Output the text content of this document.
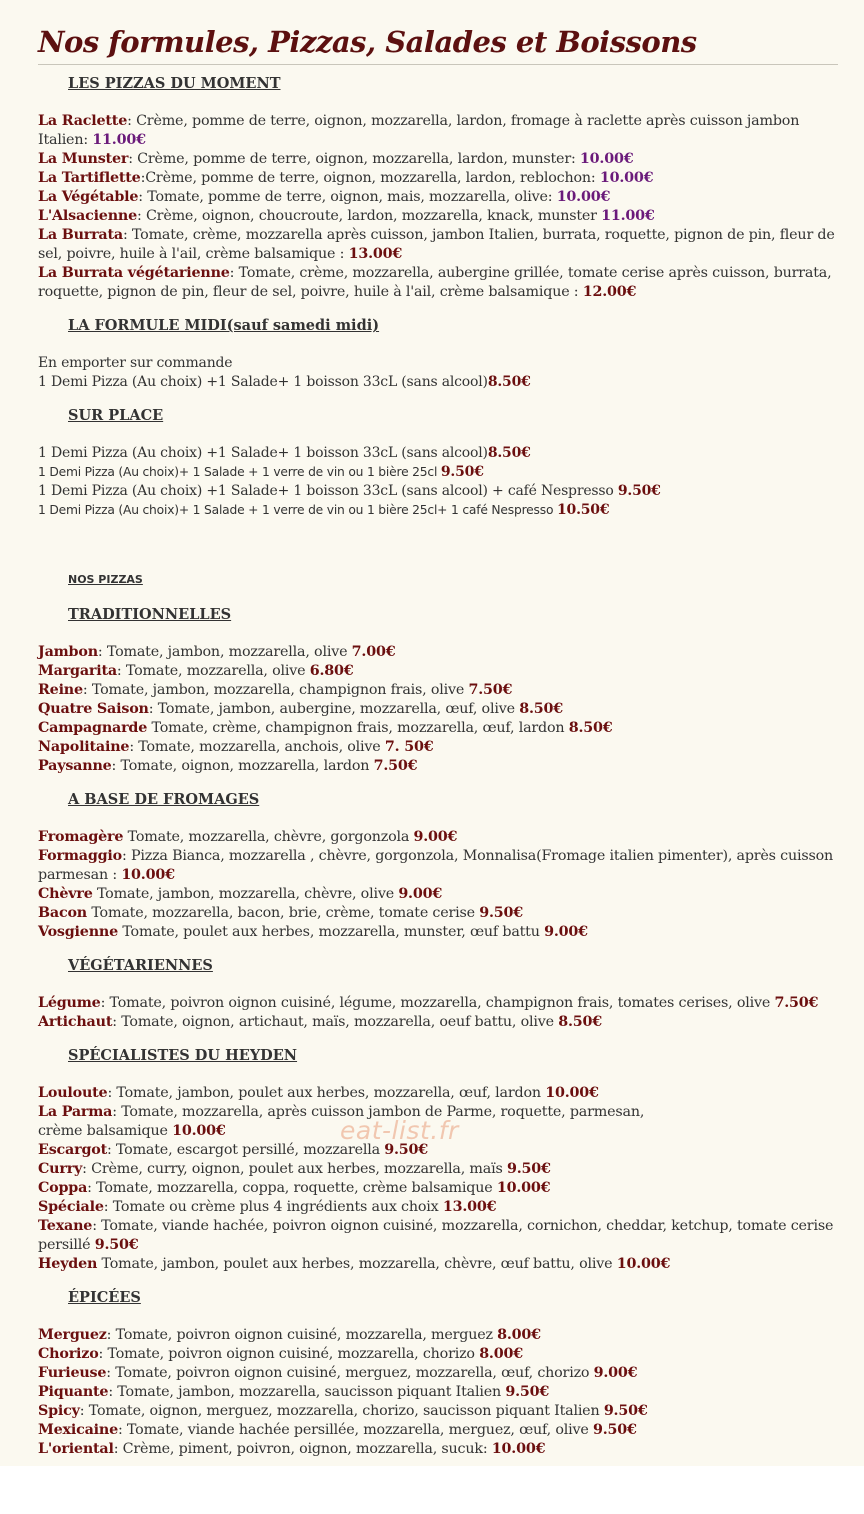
Nos formules, Pizzas, Salades et Boissons
LES PIZZAS DU MOMENT
La Raclette: Crème, pomme de terre, oignon, mozzarella, lardon, fromage à raclette après cuisson jambon Italien: 11.00€
La Munster: Crème, pomme de terre, oignon, mozzarella, lardon, munster: 10.00€
La Tartiflette:Crème, pomme de terre, oignon, mozzarella, lardon, reblochon: 10.00€
La Végétable: Tomate, pomme de terre, oignon, mais, mozzarella, olive: 10.00€
L'Alsacienne: Crème, oignon, choucroute, lardon, mozzarella, knack, munster 11.00€
La Burrata: Tomate, crème, mozzarella après cuisson, jambon Italien, burrata, roquette, pignon de pin, fleur de sel, poivre, huile à l'ail, crème balsamique : 13.00€
La Burrata végétarienne: Tomate, crème, mozzarella, aubergine grillée, tomate cerise après cuisson, burrata, roquette, pignon de pin, fleur de sel, poivre, huile à l'ail, crème balsamique : 12.00€
LA FORMULE MIDI(sauf samedi midi)
En emporter sur commande
1 Demi Pizza (Au choix) +1 Salade+ 1 boisson 33cL (sans alcool)8.50€
SUR PLACE
1 Demi Pizza (Au choix) +1 Salade+ 1 boisson 33cL (sans alcool)8.50€
1 Demi Pizza (Au choix)+ 1 Salade + 1 verre de vin ou 1 bière 25cl 9.50€
1 Demi Pizza (Au choix) +1 Salade+ 1 boisson 33cL (sans alcool) + café Nespresso 9.50€
1 Demi Pizza (Au choix)+ 1 Salade + 1 verre de vin ou 1 bière 25cl+ 1 café Nespresso 10.50€
NOS PIZZAS
TRADITIONNELLES
Jambon: Tomate, jambon, mozzarella, olive 7.00€
Margarita: Tomate, mozzarella, olive 6.80€
Reine: Tomate, jambon, mozzarella, champignon frais, olive 7.50€
Quatre Saison: Tomate, jambon, aubergine, mozzarella, œuf, olive 8.50€
Campagnarde Tomate, crème, champignon frais, mozzarella, œuf, lardon 8.50€
Napolitaine: Tomate, mozzarella, anchois, olive 7. 50€
Paysanne: Tomate, oignon, mozzarella, lardon 7.50€
A BASE DE FROMAGES
Fromagère Tomate, mozzarella, chèvre, gorgonzola 9.00€
Formaggio: Pizza Bianca, mozzarella , chèvre, gorgonzola, Monnalisa(Fromage italien pimenter), après cuisson parmesan : 10.00€
Chèvre Tomate, jambon, mozzarella, chèvre, olive 9.00€
Bacon Tomate, mozzarella, bacon, brie, crème, tomate cerise 9.50€
Vosgienne Tomate, poulet aux herbes, mozzarella, munster, œuf battu 9.00€
VÉGÉTARIENNES
Légume: Tomate, poivron oignon cuisiné, légume, mozzarella, champignon frais, tomates cerises, olive 7.50€
Artichaut: Tomate, oignon, artichaut, maïs, mozzarella, oeuf battu, olive 8.50€
SPÉCIALISTES DU HEYDEN
Louloute: Tomate, jambon, poulet aux herbes, mozzarella, œuf, lardon 10.00€
La Parma: Tomate, mozzarella, après cuisson jambon de Parme, roquette, parmesan, crème balsamique 10.00€
Escargot: Tomate, escargot persillé, mozzarella 9.50€
Curry: Crème, curry, oignon, poulet aux herbes, mozzarella, maïs 9.50€
Coppa: Tomate, mozzarella, coppa, roquette, crème balsamique 10.00€
Spéciale: Tomate ou crème plus 4 ingrédients aux choix 13.00€
Texane: Tomate, viande hachée, poivron oignon cuisiné, mozzarella, cornichon, cheddar, ketchup, tomate cerise persillé 9.50€
Heyden Tomate, jambon, poulet aux herbes, mozzarella, chèvre, œuf battu, olive 10.00€
ÉPICÉES
Merguez: Tomate, poivron oignon cuisiné, mozzarella, merguez 8.00€
Chorizo: Tomate, poivron oignon cuisiné, mozzarella, chorizo 8.00€
Furieuse: Tomate, poivron oignon cuisiné, merguez, mozzarella, œuf, chorizo 9.00€
Piquante: Tomate, jambon, mozzarella, saucisson piquant Italien 9.50€
Spicy: Tomate, oignon, merguez, mozzarella, chorizo, saucisson piquant Italien 9.50€
Mexicaine: Tomate, viande hachée persillée, mozzarella, merguez, œuf, olive 9.50€
L'oriental: Crème, piment, poivron, oignon, mozzarella, sucuk: 10.00€
eat-list.fr
